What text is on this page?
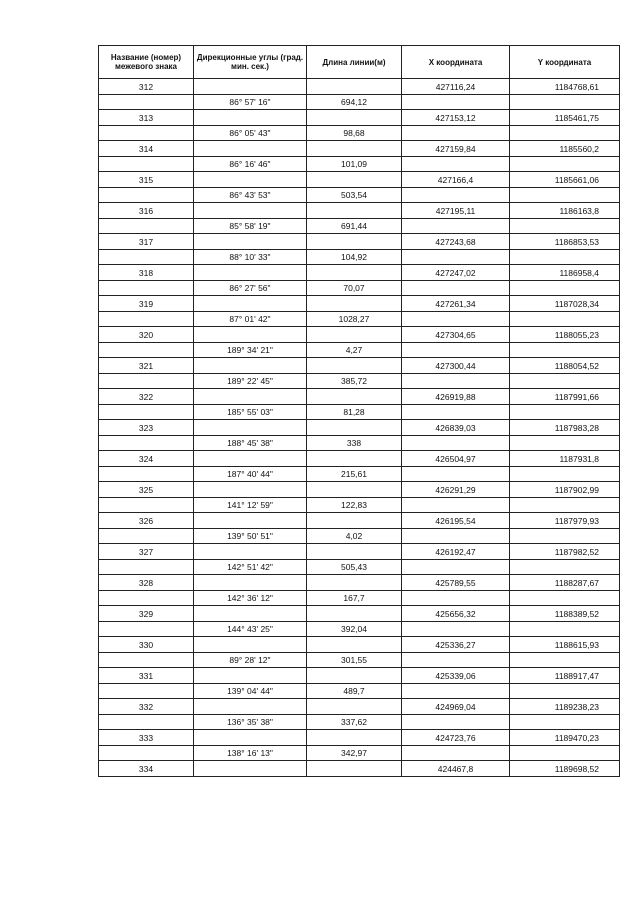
Название (номер) межевого знака	Дирекционные углы (град. мин. сек.)	Длина линии(м)	Х координата	Y координата
312			427116,24	1184768,61
	86° 57' 16"	694,12		
313			427153,12	1185461,75
	86° 05' 43"	98,68		
314			427159,84	1185560,2
	86° 16' 46"	101,09		
315			427166,4	1185661,06
	86° 43' 53"	503,54		
316			427195,11	1186163,8
	85° 58' 19"	691,44		
317			427243,68	1186853,53
	88° 10' 33"	104,92		
318			427247,02	1186958,4
	86° 27' 56"	70,07		
319			427261,34	1187028,34
	87° 01' 42"	1028,27		
320			427304,65	1188055,23
	189° 34' 21"	4,27		
321			427300,44	1188054,52
	189° 22' 45"	385,72		
322			426919,88	1187991,66
	185° 55' 03"	81,28		
323			426839,03	1187983,28
	188° 45' 38"	338		
324			426504,97	1187931,8
	187° 40' 44"	215,61		
325			426291,29	1187902,99
	141° 12' 59"	122,83		
326			426195,54	1187979,93
	139° 50' 51"	4,02		
327			426192,47	1187982,52
	142° 51' 42"	505,43		
328			425789,55	1188287,67
	142° 36' 12"	167,7		
329			425656,32	1188389,52
	144° 43' 25"	392,04		
330			425336,27	1188615,93
	89° 28' 12"	301,55		
331			425339,06	1188917,47
	139° 04' 44"	489,7		
332			424969,04	1189238,23
	136° 35' 38"	337,62		
333			424723,76	1189470,23
	138° 16' 13"	342,97		
334			424467,8	1189698,52
